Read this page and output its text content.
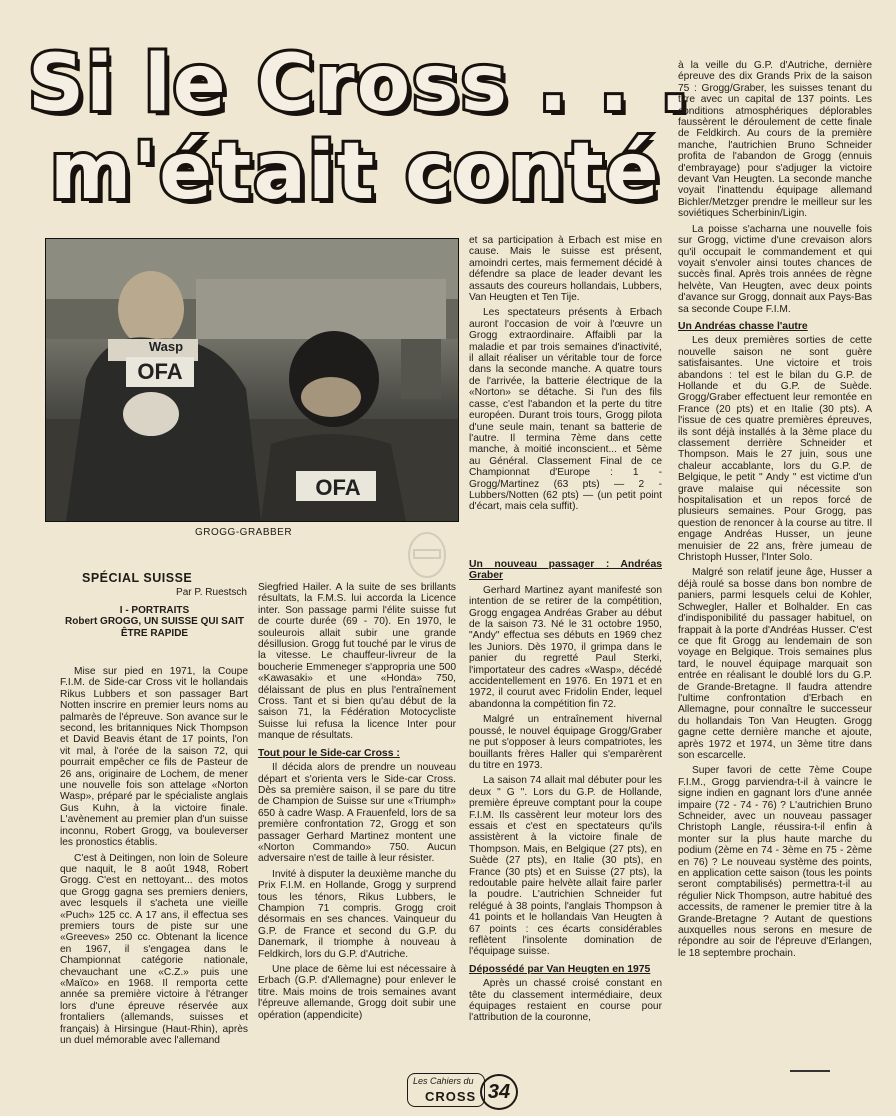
Si le Cross . . .
m'était conté
OFA
Wasp
OFA
GROGG-GRABBER
SPÉCIAL SUISSE
Par P. Ruestsch
I - PORTRAITS
Robert GROGG, UN SUISSE QUI SAIT ÊTRE RAPIDE

Mise sur pied en 1971, la Coupe F.I.M. de Side-car Cross vit le hollandais Rikus Lubbers et son passager Bart Notten inscrire en premier leurs noms au palmarès de l'épreuve. Son avance sur le second, les britanniques Nick Thompson et David Beavis étant de 17 points, l'on vit mal, à l'orée de la saison 72, qui pourrait empêcher ce fils de Pasteur de 26 ans, originaire de Lochem, de mener une nouvelle fois son attelage «Norton Wasp», préparé par le spécialiste anglais Gus Kuhn, à la victoire finale. L'avènement au premier plan d'un suisse inconnu, Robert Grogg, va bouleverser les pronostics établis.

C'est à Deitingen, non loin de Soleure que naquit, le 8 août 1948, Robert Grogg. C'est en nettoyant... des motos que Grogg gagna ses premiers deniers, avec lesquels il s'acheta une vieille «Puch» 125 cc. A 17 ans, il effectua ses premiers tours de piste sur une «Greeves» 250 cc. Obtenant la licence en 1967, il s'engagea dans le Championnat catégorie nationale, chevauchant une «C.Z.» puis une «Maïco» en 1968. Il remporta cette année sa première victoire à l'étranger lors d'une épreuve réservée aux frontaliers (allemands, suisses et français) à Hirsingue (Haut-Rhin), après un duel mémorable avec l'allemand

Siegfried Hailer. A la suite de ses brillants résultats, la F.M.S. lui accorda la Licence inter. Son passage parmi l'élite suisse fut de courte durée (69 - 70). En 1970, le souleurois allait subir une grande désillusion. Grogg fut touché par le virus de la vitesse. Le chauffeur-livreur de la boucherie Emmeneger s'appropria une 500 «Kawasaki» et une «Honda» 750, délaissant de plus en plus l'entraînement Cross. Tant et si bien qu'au début de la saison 71, la Fédération Motocycliste Suisse lui refusa la licence Inter pour manque de résultats.

Tout pour le Side-car Cross :

Il décida alors de prendre un nouveau départ et s'orienta vers le Side-car Cross. Dès sa première saison, il se pare du titre de Champion de Suisse sur une «Triumph» 650 à cadre Wasp. A Frauenfeld, lors de sa première confrontation 72, Grogg et son passager Gerhard Martinez montent une «Norton Commando» 750. Aucun adversaire n'est de taille à leur résister.

Invité à disputer la deuxième manche du Prix F.I.M. en Hollande, Grogg y surprend tous les ténors, Rikus Lubbers, le Champion 71 compris. Grogg croit désormais en ses chances. Vainqueur du G.P. de France et second du G.P. du Danemark, il triomphe à nouveau à Feldkirch, lors du G.P. d'Autriche.

Une place de 6ème lui est nécessaire à Erbach (G.P. d'Allemagne) pour enlever le titre. Mais moins de trois semaines avant l'épreuve allemande, Grogg doit subir une opération (appendicite)

et sa participation à Erbach est mise en cause. Mais le suisse est présent, amoindri certes, mais fermement décidé à défendre sa place de leader devant les assauts des coureurs hollandais, Lubbers, Van Heugten et Ten Tije.

Les spectateurs présents à Erbach auront l'occasion de voir à l'œuvre un Grogg extraordinaire. Affaibli par la maladie et par trois semaines d'inactivité, il allait réaliser un véritable tour de force dans la seconde manche. A quatre tours de l'arrivée, la batterie électrique de la «Norton» se détache. Si l'un des fils casse, c'est l'abandon et la perte du titre européen. Durant trois tours, Grogg pilota d'une seule main, tenant sa batterie de l'autre. Il termina 7ème dans cette manche, à moitié inconscient... et 5ème au Général. Classement Final de ce Championnat d'Europe : 1 - Grogg/Martinez (63 pts) — 2 - Lubbers/Notten (62 pts) — (un petit point d'écart, mais cela suffit).

Un nouveau passager : Andréas Graber

Gerhard Martinez ayant manifesté son intention de se retirer de la compétition, Grogg engagea Andréas Graber au début de la saison 73. Né le 31 octobre 1950, "Andy" effectua ses débuts en 1969 chez les Juniors. Dès 1970, il grimpa dans le panier du regretté Paul Sterki, l'importateur des cadres «Wasp», décédé accidentellement en 1976. En 1971 et en 1972, il courut avec Fridolin Ender, lequel abandonna la compétition fin 72.

Malgré un entraînement hivernal poussé, le nouvel équipage Grogg/Graber ne put s'opposer à leurs compatriotes, les bouillants frères Haller qui s'emparèrent du titre en 1973.

La saison 74 allait mal débuter pour les deux " G ". Lors du G.P. de Hollande, première épreuve comptant pour la coupe F.I.M. Ils cassèrent leur moteur lors des essais et c'est en spectateurs qu'ils assistèrent à la victoire finale de Thompson. Mais, en Belgique (27 pts), en Suède (27 pts), en Italie (30 pts), en France (30 pts) et en Suisse (27 pts), la redoutable paire helvète allait faire parler la poudre. L'autrichien Schneider fut relégué à 38 points, l'anglais Thompson à 41 points et le hollandais Van Heugten à 67 points : ces écarts considérables reflètent l'insolente domination de l'équipage suisse.

Dépossédé par Van Heugten en 1975

Après un chassé croisé constant en tête du classement intermédiaire, deux équipages restaient en course pour l'attribution de la couronne,

à la veille du G.P. d'Autriche, dernière épreuve des dix Grands Prix de la saison 75 : Grogg/Graber, les suisses tenant du titre avec un capital de 137 points. Les conditions atmosphériques déplorables faussèrent le déroulement de cette finale de Feldkirch. Au cours de la première manche, l'autrichien Bruno Schneider profita de l'abandon de Grogg (ennuis d'embrayage) pour s'adjuger la victoire devant Van Heugten. La seconde manche voyait l'inattendu équipage allemand Bichler/Metzger prendre le meilleur sur les soviétiques Scherbinin/Ligin.

La poisse s'acharna une nouvelle fois sur Grogg, victime d'une crevaison alors qu'il occupait le commandement et qui voyait s'envoler ainsi toutes chances de succès final. Après trois années de règne helvète, Van Heugten, avec deux points d'avance sur Grogg, donnait aux Pays-Bas sa seconde Coupe F.I.M.

Un Andréas chasse l'autre

Les deux premières sorties de cette nouvelle saison ne sont guère satisfaisantes. Une victoire et trois abandons : tel est le bilan du G.P. de Hollande et du G.P. de Suède. Grogg/Graber effectuent leur remontée en France (20 pts) et en Italie (30 pts). A l'issue de ces quatre premières épreuves, ils sont déjà installés à la 3ème place du classement derrière Schneider et Thompson. Mais le 27 juin, sous une chaleur accablante, lors du G.P. de Belgique, le petit " Andy " est victime d'un grave malaise qui nécessite son hospitalisation et un repos forcé de plusieurs semaines. Pour Grogg, pas question de renoncer à la course au titre. Il engage Andréas Husser, un jeune menuisier de 22 ans, frère jumeau de Christoph Husser, l'Inter Solo.

Malgré son relatif jeune âge, Husser a déjà roulé sa bosse dans bon nombre de paniers, parmi lesquels celui de Kohler, Schwegler, Haller et Bolhalder. En cas d'indisponibilité du passager habituel, on frappait à la porte d'Andréas Husser. C'est ce que fit Grogg au lendemain de son voyage en Belgique. Trois semaines plus tard, le nouvel équipage marquait son entrée en réalisant le doublé lors du G.P. de Grande-Bretagne. Il faudra attendre l'ultime confrontation d'Erbach en Allemagne, pour connaître le successeur du hollandais Ton Van Heugten. Grogg gagne cette dernière manche et ajoute, après 1972 et 1974, un 3ème titre dans son escarcelle.

Super favori de cette 7ème Coupe F.I.M., Grogg parviendra-t-il à vaincre le signe indien en gagnant lors d'une année impaire (72 - 74 - 76) ? L'autrichien Bruno Schneider, avec un nouveau passager Christoph Langle, réussira-t-il enfin à monter sur la plus haute marche du podium (2ème en 74 - 3ème en 75 - 2ème en 76) ? Le nouveau système des points, en application cette saison (tous les points seront comptabilisés) permettra-t-il au régulier Nick Thompson, autre habitué des accessits, de ramener le premier titre à la Grande-Bretagne ? Autant de questions auxquelles nous serons en mesure de répondre au soir de l'épreuve d'Erlangen, le 18 septembre prochain.

Les Cahiers du
CROSS 34
